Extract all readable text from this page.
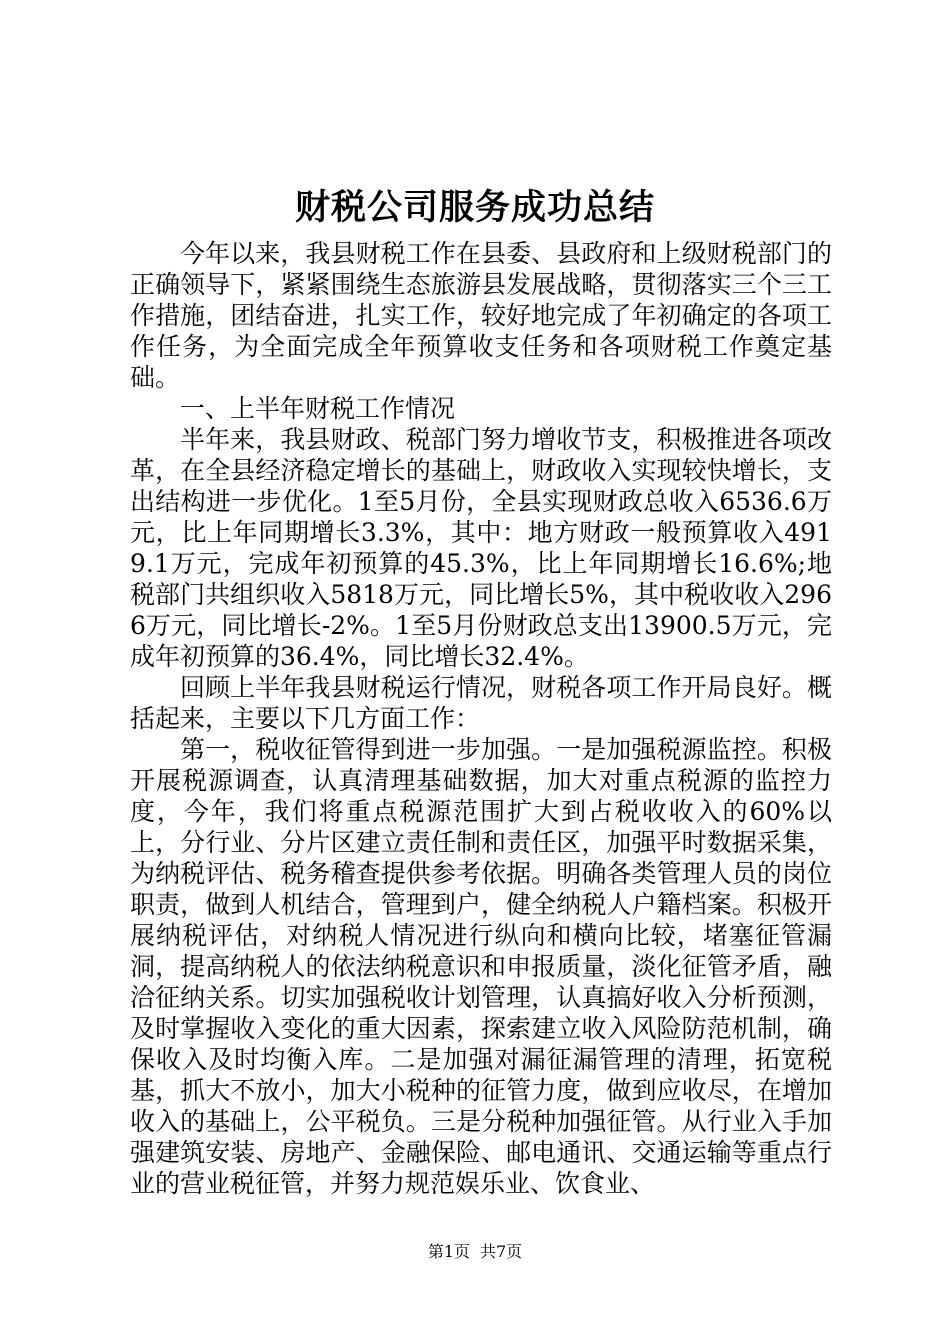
财税公司服务成功总结

今年以来，我县财税工作在县委、县政府和上级财税部门的正确领导下，紧紧围绕生态旅游县发展战略，贯彻落实三个三工作措施，团结奋进，扎实工作，较好地完成了年初确定的各项工作任务，为全面完成全年预算收支任务和各项财税工作奠定基础。

一、上半年财税工作情况

半年来，我县财政、税部门努力增收节支，积极推进各项改革，在全县经济稳定增长的基础上，财政收入实现较快增长，支出结构进一步优化。1至5月份，全县实现财政总收入6536.6万元，比上年同期增长3.3%，其中：地方财政一般预算收入4919.1万元，完成年初预算的45.3%，比上年同期增长16.6%;地税部门共组织收入5818万元，同比增长5%，其中税收收入2966万元，同比增长-2%。1至5月份财政总支出13900.5万元，完成年初预算的36.4%，同比增长32.4%。

回顾上半年我县财税运行情况，财税各项工作开局良好。概括起来，主要以下几方面工作：

第一，税收征管得到进一步加强。一是加强税源监控。积极开展税源调查，认真清理基础数据，加大对重点税源的监控力度，今年，我们将重点税源范围扩大到占税收收入的60%以上，分行业、分片区建立责任制和责任区，加强平时数据采集，为纳税评估、税务稽查提供参考依据。明确各类管理人员的岗位职责，做到人机结合，管理到户，健全纳税人户籍档案。积极开展纳税评估，对纳税人情况进行纵向和横向比较，堵塞征管漏洞，提高纳税人的依法纳税意识和申报质量，淡化征管矛盾，融洽征纳关系。切实加强税收计划管理，认真搞好收入分析预测，及时掌握收入变化的重大因素，探索建立收入风险防范机制，确保收入及时均衡入库。二是加强对漏征漏管理的清理，拓宽税基，抓大不放小，加大小税种的征管力度，做到应收尽，在增加收入的基础上，公平税负。三是分税种加强征管。从行业入手加强建筑安装、房地产、金融保险、邮电通讯、交通运输等重点行业的营业税征管，并努力规范娱乐业、饮食业、

第1页 共7页
